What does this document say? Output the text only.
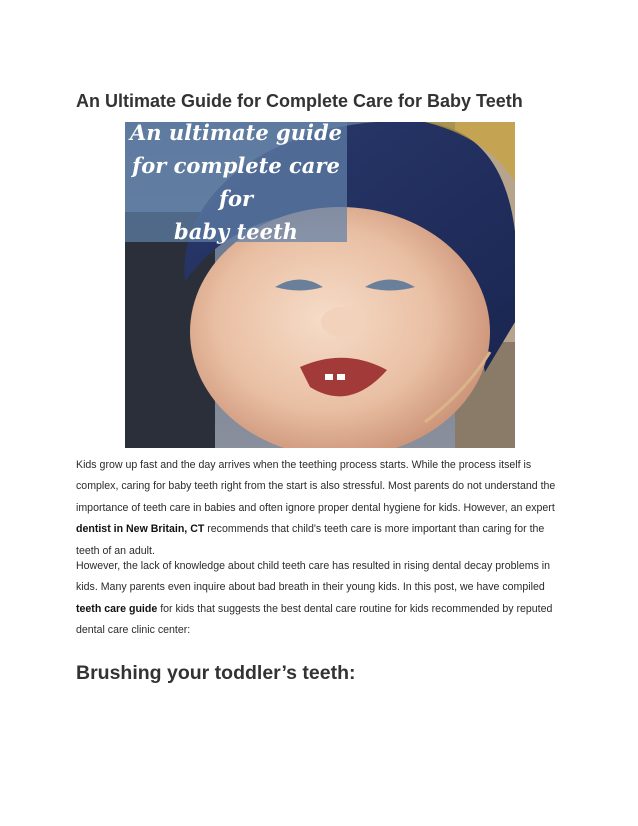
An Ultimate Guide for Complete Care for Baby Teeth
An ultimate guide
for complete care for
baby teeth

Kids grow up fast and the day arrives when the teething process starts. While the process itself is complex, caring for baby teeth right from the start is also stressful. Most parents do not understand the importance of teeth care in babies and often ignore proper dental hygiene for kids. However, an expert dentist in New Britain, CT recommends that child's teeth care is more important than caring for the teeth of an adult.

However, the lack of knowledge about child teeth care has resulted in rising dental decay problems in kids. Many parents even inquire about bad breath in their young kids. In this post, we have compiled teeth care guide for kids that suggests the best dental care routine for kids recommended by reputed dental care clinic center:

Brushing your toddler’s teeth:
